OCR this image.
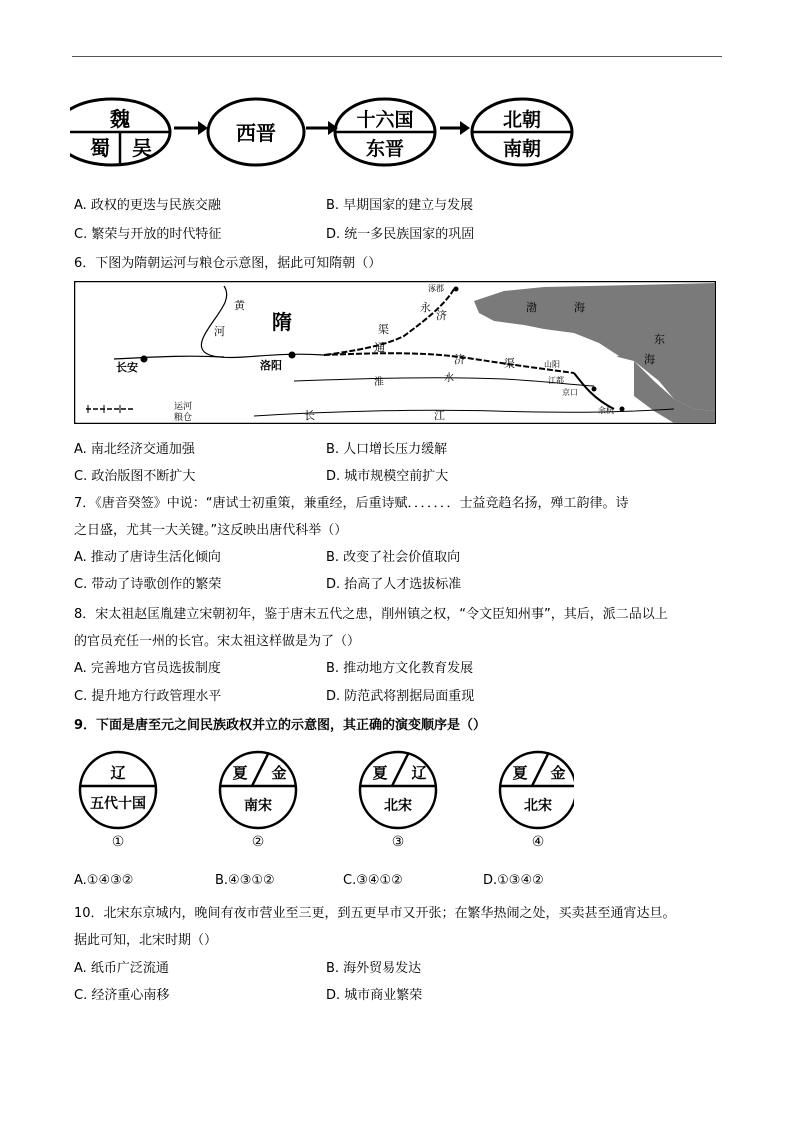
魏
蜀 吴
西晋
十六国
东晋
北朝
南朝
A. 政权的更迭与民族交融	B. 早期国家的建立与发展
C. 繁荣与开放的时代特征	D. 统一多民族国家的巩固
6．下图为隋朝运河与粮仓示意图，据此可知隋朝（）
隋
黄
河
渤	海
东
海
永
济
渠
通
济	渠
长安	洛阳
涿郡
山阳
江都
京口
余杭
淮	水
长	江
运河
粮仓
A. 南北经济交通加强	B. 人口增长压力缓解
C. 政治版图不断扩大	D. 城市规模空前扩大
7．《唐音癸签》中说：“唐试士初重策，兼重经，后重诗赋．．．．．．．士益竞趋名扬，殚工韵律。诗
之日盛，尤其一大关键。”这反映出唐代科举（）
A. 推动了唐诗生活化倾向	B. 改变了社会价值取向
C. 带动了诗歌创作的繁荣	D. 抬高了人才选拔标准
8．宋太祖赵匡胤建立宋朝初年，鉴于唐末五代之患，削州镇之权，“令文臣知州事”，其后，派二品以上
的官员充任一州的长官。宋太祖这样做是为了（）
A. 完善地方官员选拔制度	B. 推动地方文化教育发展
C. 提升地方行政管理水平	D. 防范武将割据局面重现
9．下面是唐至元之间民族政权并立的示意图，其正确的演变顺序是（）
辽
五代十国
①
夏 金
南宋
②
夏 辽
北宋
③
夏 金
北宋
④
A.①④③②	B.④③①②	C.③④①②	D.①③④②
10．北宋东京城内，晚间有夜市营业至三更，到五更早市又开张；在繁华热闹之处，买卖甚至通宵达旦。
据此可知，北宋时期（）
A. 纸币广泛流通	B. 海外贸易发达
C. 经济重心南移	D. 城市商业繁荣
